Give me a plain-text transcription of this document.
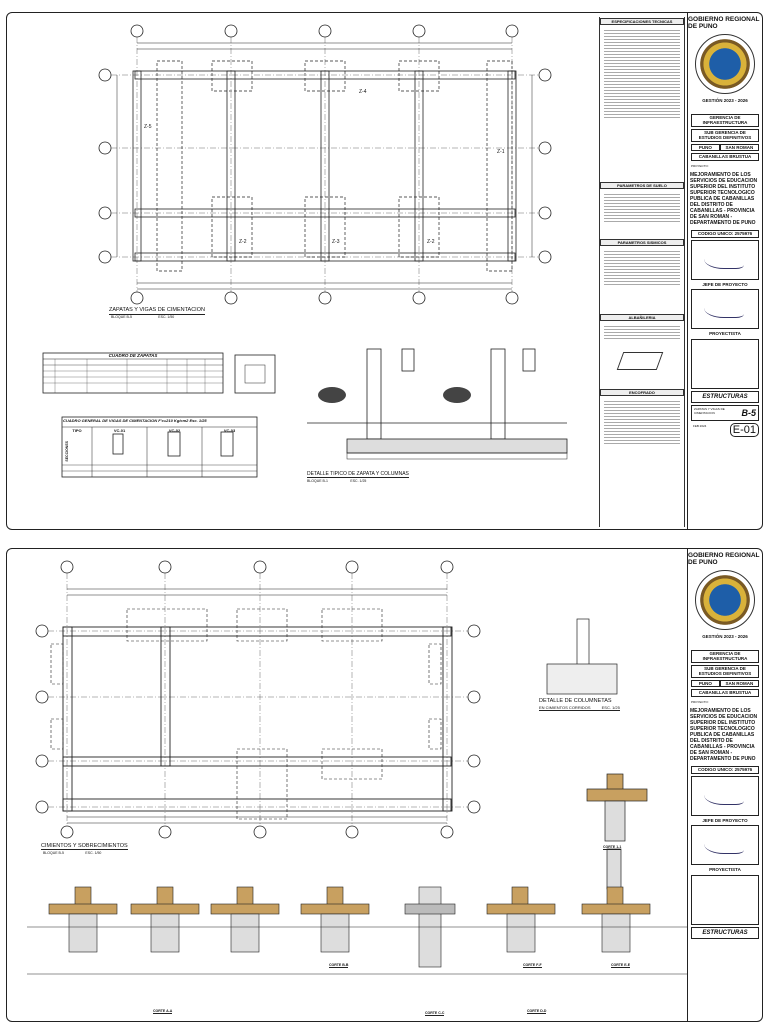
Z-2	Z-3	Z-2
Z-4
Z-5
Z-1
ZAPATAS Y VIGAS DE CIMENTACION
BLOQUE B-5	ESC. 1/50
CUADRO DE ZAPATAS
CUADRO GENERAL DE VIGAS DE CIMENTACION F'c=210 Kg/cm2 Esc. 1/25
TIPO	VC-01	VC-02	VC-03
SECCIONES
DETALLE TIPICO DE ZAPATA Y COLUMNAS
BLOQUE B-1	ESC. 1/25
ESPECIFICACIONES TECNICAS
PARAMETROS DE SUELO
PARAMETROS SISMICOS
ALBAÑILERIA
ENCOFRADO
GOBIERNO REGIONAL DE PUNO
GESTIÓN 2023 - 2026
GERENCIA DE INFRAESTRUCTURA
SUB GERENCIA DE ESTUDIOS DEFINITIVOS
PUNO	SAN ROMAN
CABANILLAS BRUSTUA
PROYECTO:
MEJORAMIENTO DE LOS SERVICIOS DE EDUCACION SUPERIOR DEL INSTITUTO SUPERIOR TECNOLOGICO PUBLICA DE CABANILLAS DEL DISTRITO DE CABANILLAS - PROVINCIA DE SAN ROMAN - DEPARTAMENTO DE PUNO
CODIGO UNICO: 2575976
JEFE DE PROYECTO
PROYECTISTA
ESTRUCTURAS
ZAPATAS Y VIGAS DE CIMENTACION	B-5
FEB 2024	E-01
CIMIENTOS Y SOBRECIMIENTOS
BLOQUE B-5	ESC. 1/50
DETALLE DE COLUMNETAS
EN CIMIENTOS CORRIDOS	ESC. 1/25
CORTE 1-1
CORTE A-A
CORTE B-B
CORTE C-C	CORTE D-D
CORTE E-E
CORTE F-F
GOBIERNO REGIONAL DE PUNO
GESTIÓN 2023 - 2026
GERENCIA DE INFRAESTRUCTURA
SUB GERENCIA DE ESTUDIOS DEFINITIVOS
PUNO	SAN ROMAN
CABANILLAS BRUSTUA
PROYECTO:
MEJORAMIENTO DE LOS SERVICIOS DE EDUCACION SUPERIOR DEL INSTITUTO SUPERIOR TECNOLOGICO PUBLICA DE CABANILLAS DEL DISTRITO DE CABANILLAS - PROVINCIA DE SAN ROMAN - DEPARTAMENTO DE PUNO
CODIGO UNICO: 2575976
JEFE DE PROYECTO
PROYECTISTA
ESTRUCTURAS
